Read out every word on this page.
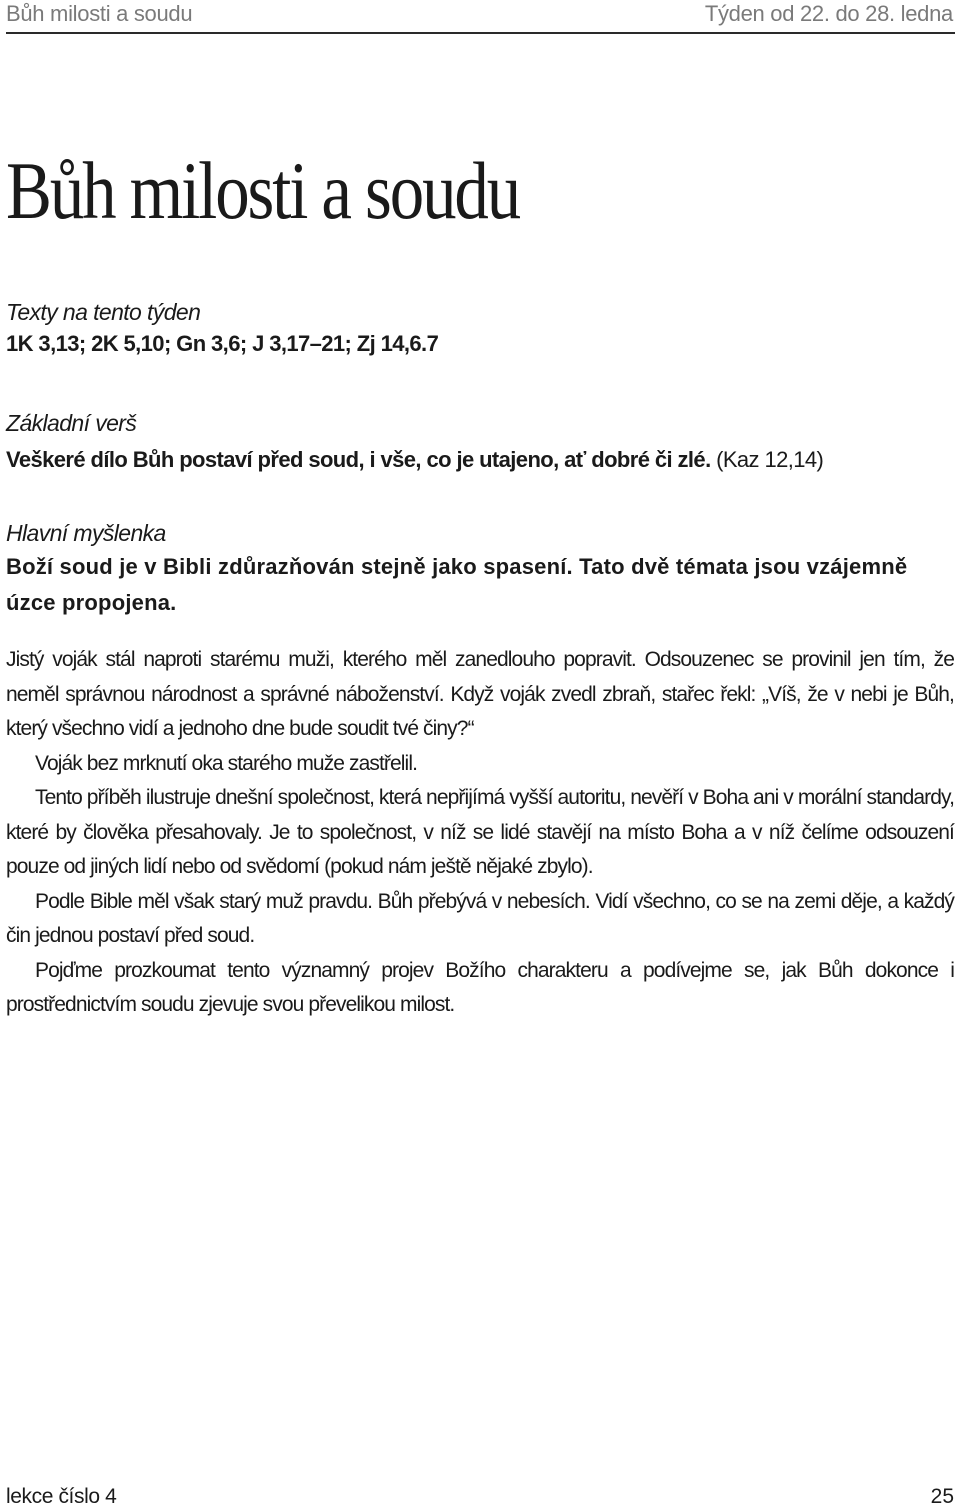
Bůh milosti a soudu	Týden od 22. do 28. ledna
Bůh milosti a soudu
Texty na tento týden
1K 3,13; 2K 5,10; Gn 3,6; J 3,17–21; Zj 14,6.7
Základní verš
Veškeré dílo Bůh postaví před soud, i vše, co je utajeno, ať dobré či zlé. (Kaz 12,14)
Hlavní myšlenka
Boží soud je v Bibli zdůrazňován stejně jako spasení. Tato dvě témata jsou vzájemně úzce propojena.

Jistý voják stál naproti starému muži, kterého měl zanedlouho popravit. Odsouzenec se provinil jen tím, že neměl správnou národnost a správné náboženství. Když voják zvedl zbraň, stařec řekl: „Víš, že v nebi je Bůh, který všechno vidí a jednoho dne bude soudit tvé činy?“

Voják bez mrknutí oka starého muže zastřelil.

Tento příběh ilustruje dnešní společnost, která nepřijímá vyšší autoritu, nevěří v Boha ani v morální standardy, které by člověka přesahovaly. Je to společnost, v níž se lidé stavějí na místo Boha a v níž čelíme odsouzení pouze od jiných lidí nebo od svědomí (pokud nám ještě nějaké zbylo).

Podle Bible měl však starý muž pravdu. Bůh přebývá v nebesích. Vidí všechno, co se na zemi děje, a každý čin jednou postaví před soud.

Pojďme prozkoumat tento významný projev Božího charakteru a podívejme se, jak Bůh dokonce i prostřednictvím soudu zjevuje svou převelikou milost.

lekce číslo 4	25
